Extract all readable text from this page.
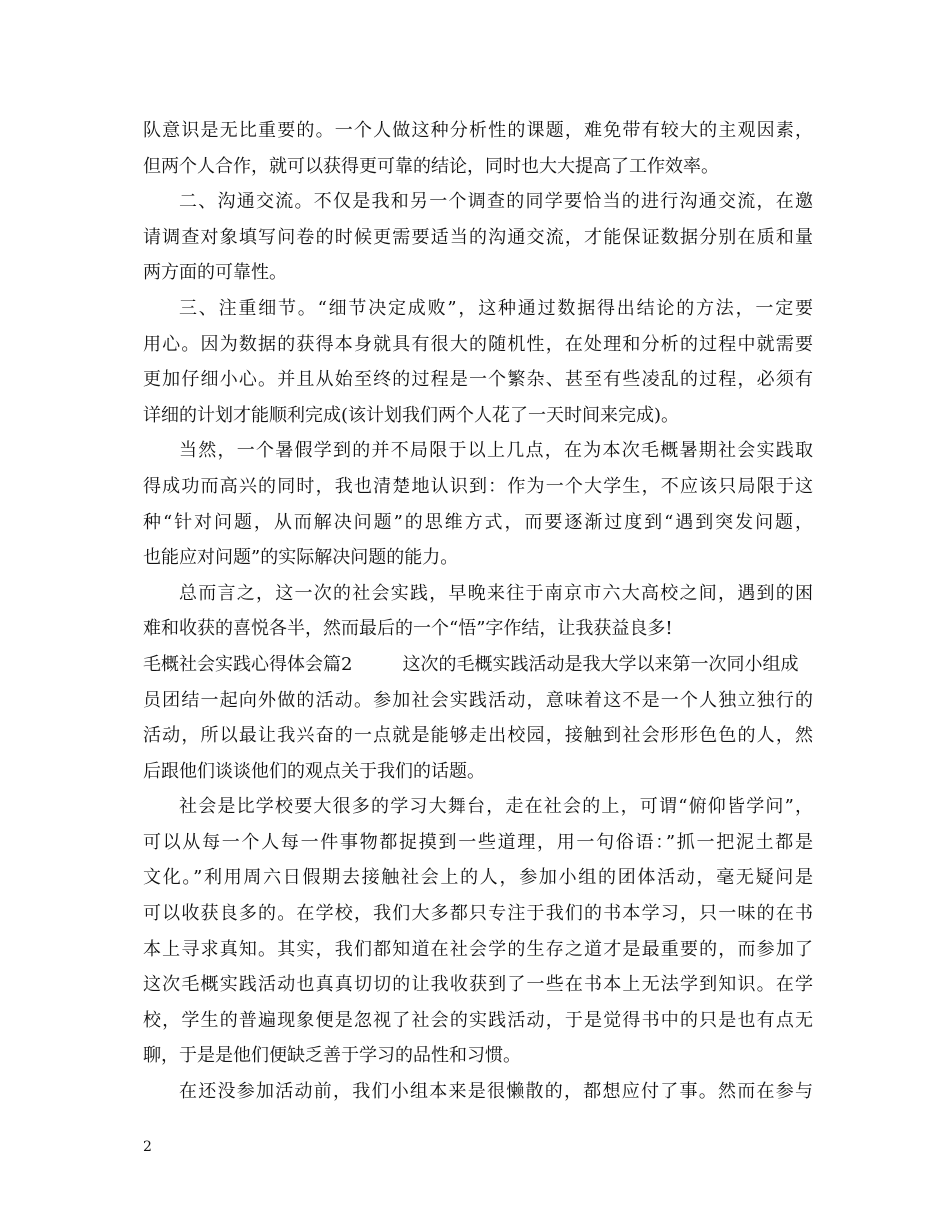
队意识是无比重要的。一个人做这种分析性的课题，难免带有较大的主观因素，
但两个人合作，就可以获得更可靠的结论，同时也大大提高了工作效率。
二、沟通交流。不仅是我和另一个调查的同学要恰当的进行沟通交流，在邀
请调查对象填写问卷的时候更需要适当的沟通交流，才能保证数据分别在质和量
两方面的可靠性。
三、注重细节。“细节决定成败”，这种通过数据得出结论的方法，一定要
用心。因为数据的获得本身就具有很大的随机性，在处理和分析的过程中就需要
更加仔细小心。并且从始至终的过程是一个繁杂、甚至有些凌乱的过程，必须有
详细的计划才能顺利完成(该计划我们两个人花了一天时间来完成)。
当然，一个暑假学到的并不局限于以上几点，在为本次毛概暑期社会实践取
得成功而高兴的同时，我也清楚地认识到：作为一个大学生，不应该只局限于这
种“针对问题，从而解决问题”的思维方式，而要逐渐过度到“遇到突发问题，
也能应对问题”的实际解决问题的能力。
总而言之，这一次的社会实践，早晚来往于南京市六大高校之间，遇到的困
难和收获的喜悦各半，然而最后的一个“悟”字作结，让我获益良多!
毛概社会实践心得体会篇2	这次的毛概实践活动是我大学以来第一次同小组成
员团结一起向外做的活动。参加社会实践活动，意味着这不是一个人独立独行的
活动，所以最让我兴奋的一点就是能够走出校园，接触到社会形形色色的人，然
后跟他们谈谈他们的观点关于我们的话题。
社会是比学校要大很多的学习大舞台，走在社会的上，可谓“俯仰皆学问”，
可以从每一个人每一件事物都捉摸到一些道理，用一句俗语：”抓一把泥土都是
文化。”利用周六日假期去接触社会上的人，参加小组的团体活动，毫无疑问是
可以收获良多的。在学校，我们大多都只专注于我们的书本学习，只一味的在书
本上寻求真知。其实，我们都知道在社会学的生存之道才是最重要的，而参加了
这次毛概实践活动也真真切切的让我收获到了一些在书本上无法学到知识。在学
校，学生的普遍现象便是忽视了社会的实践活动，于是觉得书中的只是也有点无
聊，于是是他们便缺乏善于学习的品性和习惯。
在还没参加活动前，我们小组本来是很懒散的，都想应付了事。然而在参与
2
